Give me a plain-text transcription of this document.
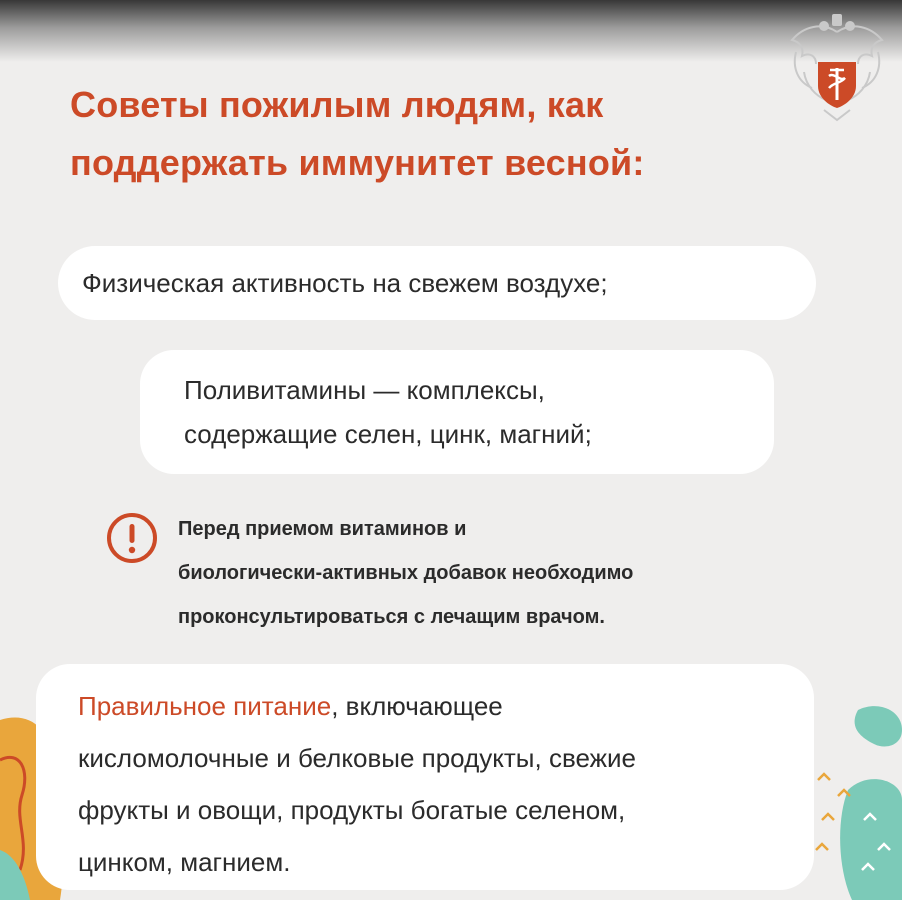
Советы пожилым людям, как
поддержать иммунитет весной:
Физическая активность на свежем воздухе;
Поливитамины — комплексы,
содержащие селен, цинк, магний;
Перед приемом витаминов и
биологически-активных добавок необходимо
проконсультироваться с лечащим врачом.
Правильное питание, включающее
кисломолочные и белковые продукты, свежие
фрукты и овощи, продукты богатые селеном,
цинком, магнием.
